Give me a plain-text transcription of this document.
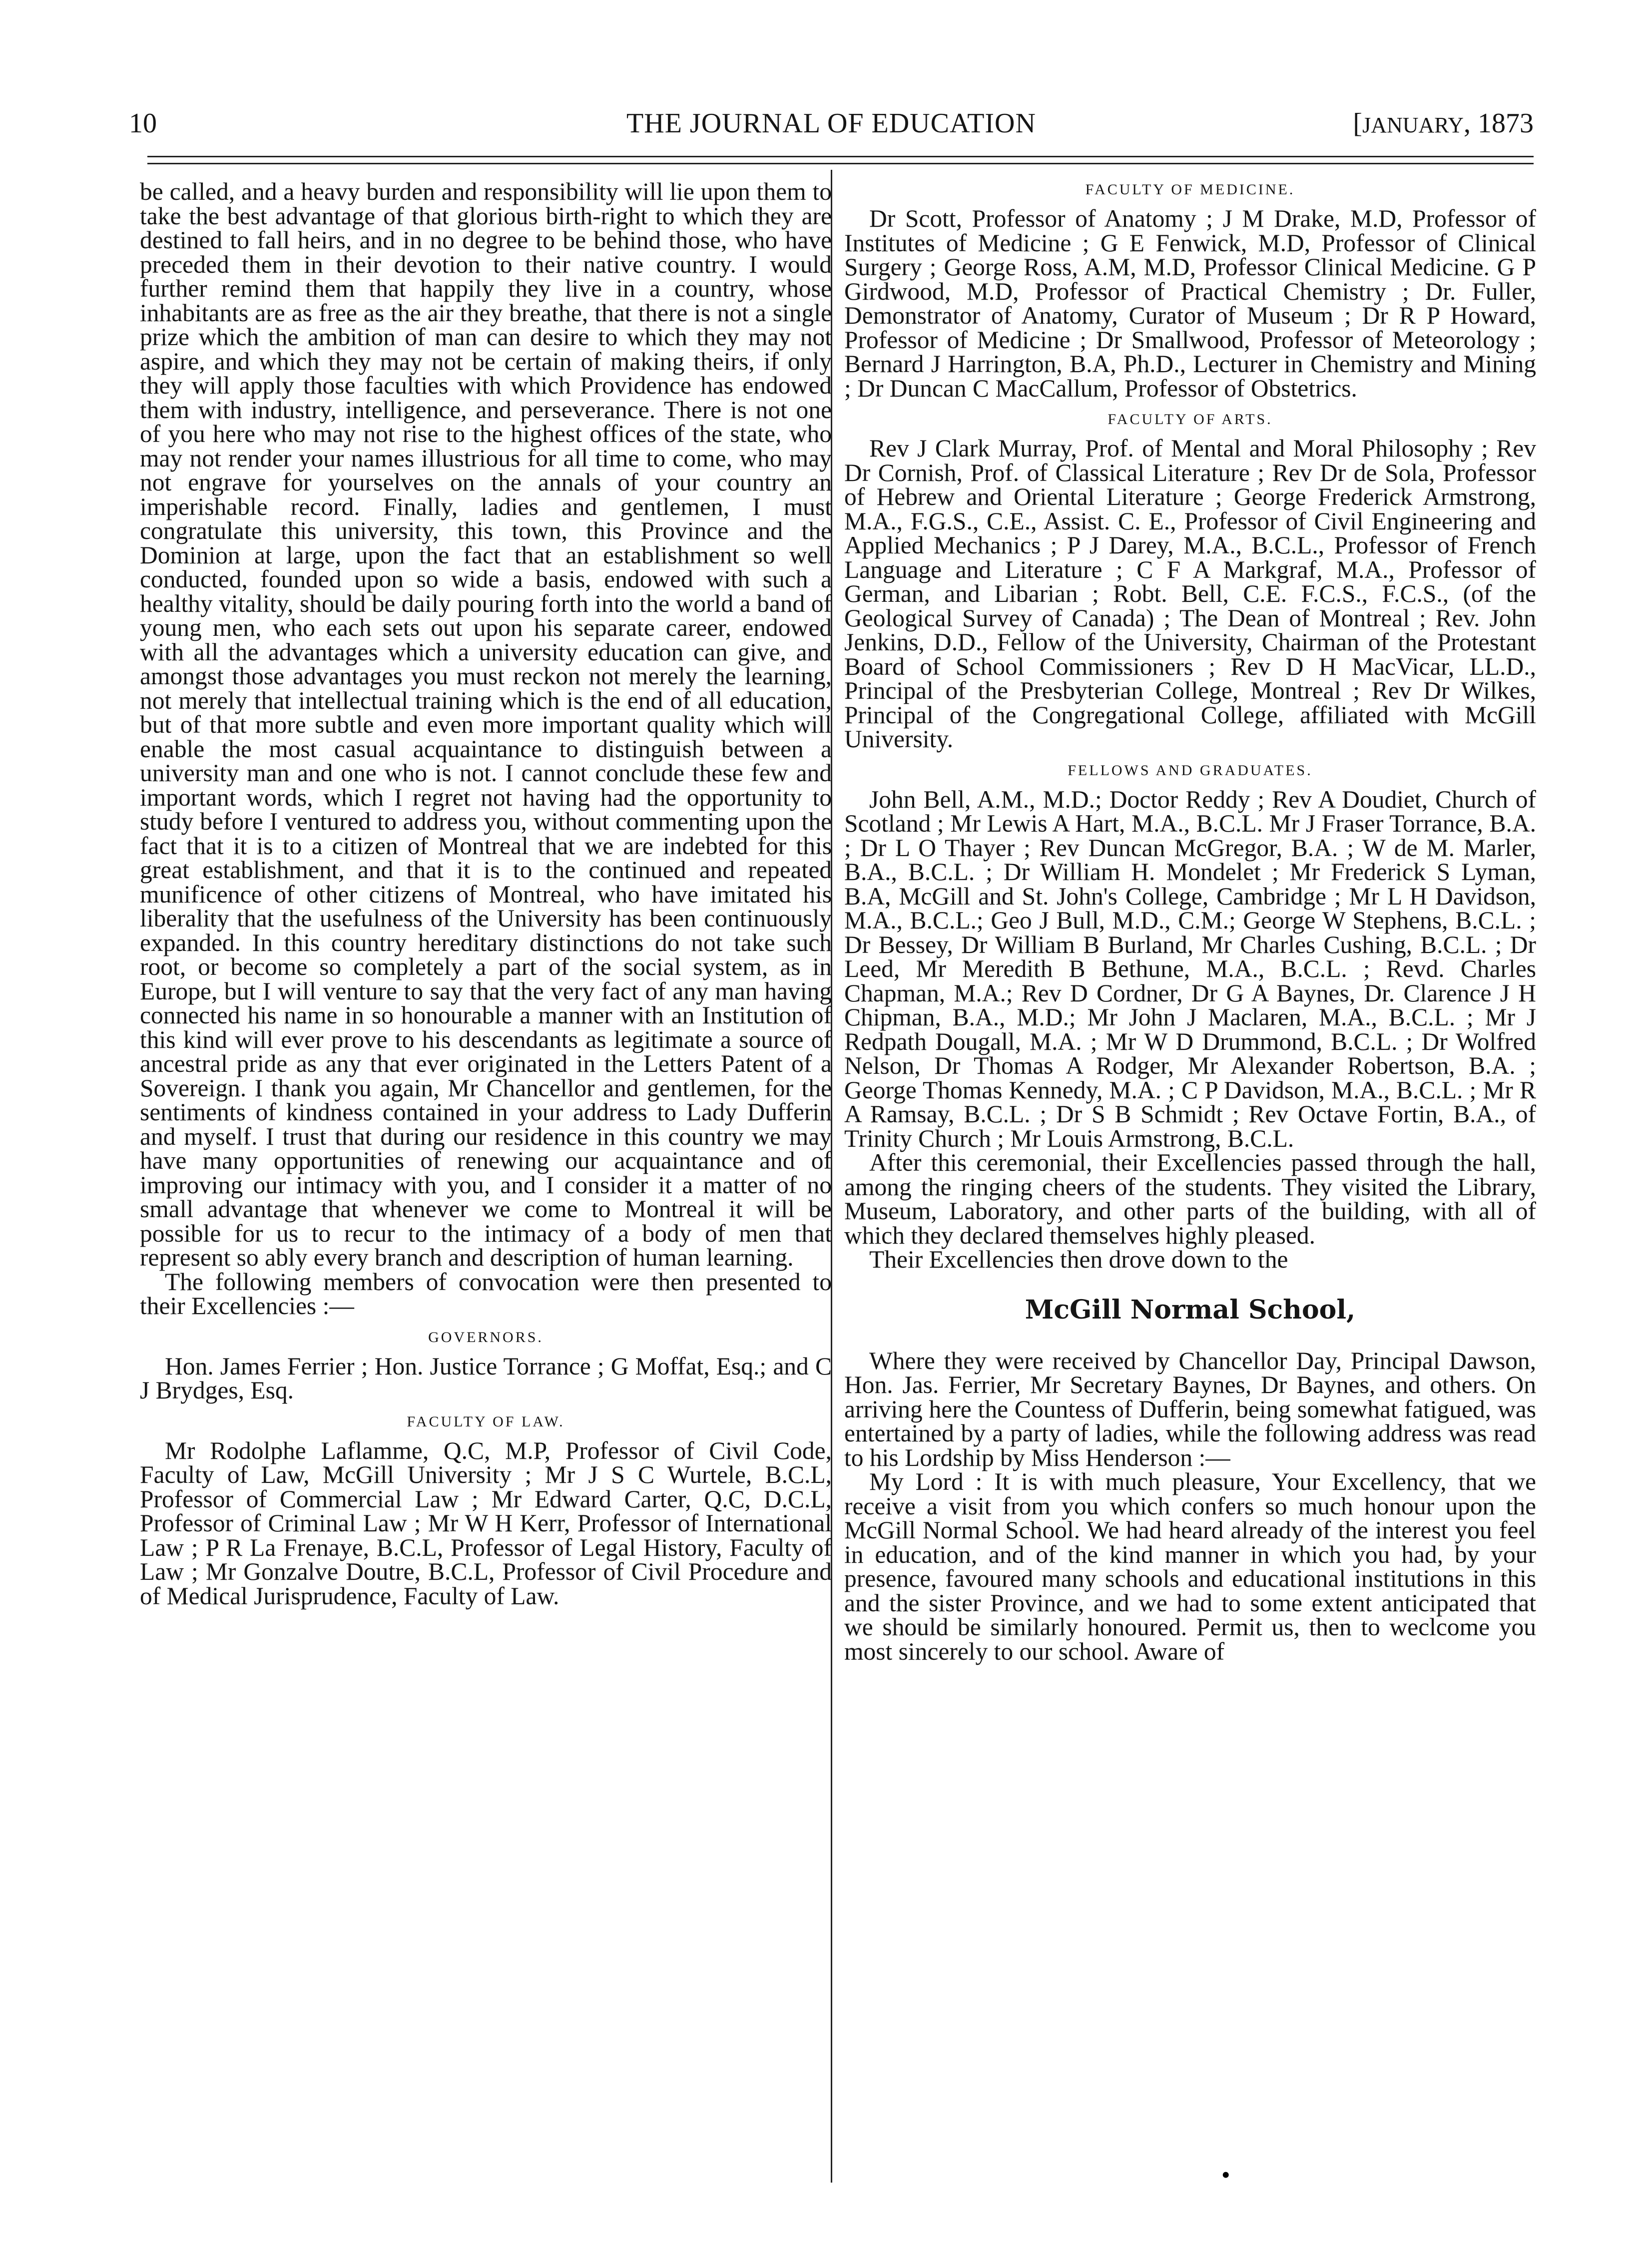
10	THE JOURNAL OF EDUCATION	[JANUARY, 1873

be called, and a heavy burden and responsibility will lie upon them to take the best advantage of that glorious birth-right to which they are destined to fall heirs, and in no degree to be behind those, who have preceded them in their devotion to their native country. I would further remind them that happily they live in a country, whose inhabitants are as free as the air they breathe, that there is not a single prize which the ambition of man can desire to which they may not aspire, and which they may not be certain of making theirs, if only they will apply those faculties with which Providence has endowed them with industry, intelligence, and perseverance. There is not one of you here who may not rise to the highest offices of the state, who may not render your names illustrious for all time to come, who may not engrave for yourselves on the annals of your country an imperishable record. Finally, ladies and gentlemen, I must congratulate this university, this town, this Province and the Dominion at large, upon the fact that an establishment so well conducted, founded upon so wide a basis, endowed with such a healthy vitality, should be daily pouring forth into the world a band of young men, who each sets out upon his separate career, endowed with all the advantages which a university education can give, and amongst those advantages you must reckon not merely the learning, not merely that intellectual training which is the end of all education, but of that more subtle and even more important quality which will enable the most casual acquaintance to distinguish between a university man and one who is not. I cannot conclude these few and important words, which I regret not having had the opportunity to study before I ventured to address you, without commenting upon the fact that it is to a citizen of Montreal that we are indebted for this great establishment, and that it is to the continued and repeated munificence of other citizens of Montreal, who have imitated his liberality that the usefulness of the University has been continuously expanded. In this country hereditary distinctions do not take such root, or become so completely a part of the social system, as in Europe, but I will venture to say that the very fact of any man having connected his name in so honourable a manner with an Institution of this kind will ever prove to his descendants as legitimate a source of ancestral pride as any that ever originated in the Letters Patent of a Sovereign. I thank you again, Mr Chancellor and gentlemen, for the sentiments of kindness contained in your address to Lady Dufferin and myself. I trust that during our residence in this country we may have many opportunities of renewing our acquaintance and of improving our intimacy with you, and I consider it a matter of no small advantage that whenever we come to Montreal it will be possible for us to recur to the intimacy of a body of men that represent so ably every branch and description of human learning.

The following members of convocation were then presented to their Excellencies :—

GOVERNORS.

Hon. James Ferrier ; Hon. Justice Torrance ; G Moffat, Esq.; and C J Brydges, Esq.

FACULTY OF LAW.

Mr Rodolphe Laflamme, Q.C, M.P, Professor of Civil Code, Faculty of Law, McGill University ; Mr J S C Wurtele, B.C.L, Professor of Commercial Law ; Mr Edward Carter, Q.C, D.C.L, Professor of Criminal Law ; Mr W H Kerr, Professor of International Law ; P R La Frenaye, B.C.L, Professor of Legal History, Faculty of Law ; Mr Gonzalve Doutre, B.C.L, Professor of Civil Procedure and of Medical Jurisprudence, Faculty of Law.

FACULTY OF MEDICINE.

Dr Scott, Professor of Anatomy ; J M Drake, M.D, Professor of Institutes of Medicine ; G E Fenwick, M.D, Professor of Clinical Surgery ; George Ross, A.M, M.D, Professor Clinical Medicine. G P Girdwood, M.D, Professor of Practical Chemistry ; Dr. Fuller, Demonstrator of Anatomy, Curator of Museum ; Dr R P Howard, Professor of Medicine ; Dr Smallwood, Professor of Meteorology ; Bernard J Harrington, B.A, Ph.D., Lecturer in Chemistry and Mining ; Dr Duncan C MacCallum, Professor of Obstetrics.

FACULTY OF ARTS.

Rev J Clark Murray, Prof. of Mental and Moral Philosophy ; Rev Dr Cornish, Prof. of Classical Literature ; Rev Dr de Sola, Professor of Hebrew and Oriental Literature ; George Frederick Armstrong, M.A., F.G.S., C.E., Assist. C. E., Professor of Civil Engineering and Applied Mechanics ; P J Darey, M.A., B.C.L., Professor of French Language and Literature ; C F A Markgraf, M.A., Professor of German, and Libarian ; Robt. Bell, C.E. F.C.S., F.C.S., (of the Geological Survey of Canada) ; The Dean of Montreal ; Rev. John Jenkins, D.D., Fellow of the University, Chairman of the Protestant Board of School Commissioners ; Rev D H MacVicar, LL.D., Principal of the Presbyterian College, Montreal ; Rev Dr Wilkes, Principal of the Congregational College, affiliated with McGill University.

FELLOWS AND GRADUATES.

John Bell, A.M., M.D.; Doctor Reddy ; Rev A Doudiet, Church of Scotland ; Mr Lewis A Hart, M.A., B.C.L. Mr J Fraser Torrance, B.A. ; Dr L O Thayer ; Rev Duncan McGregor, B.A. ; W de M. Marler, B.A., B.C.L. ; Dr William H. Mondelet ; Mr Frederick S Lyman, B.A, McGill and St. John's College, Cambridge ; Mr L H Davidson, M.A., B.C.L.; Geo J Bull, M.D., C.M.; George W Stephens, B.C.L. ; Dr Bessey, Dr William B Burland, Mr Charles Cushing, B.C.L. ; Dr Leed, Mr Meredith B Bethune, M.A., B.C.L. ; Revd. Charles Chapman, M.A.; Rev D Cordner, Dr G A Baynes, Dr. Clarence J H Chipman, B.A., M.D.; Mr John J Maclaren, M.A., B.C.L. ; Mr J Redpath Dougall, M.A. ; Mr W D Drummond, B.C.L. ; Dr Wolfred Nelson, Dr Thomas A Rodger, Mr Alexander Robertson, B.A. ; George Thomas Kennedy, M.A. ; C P Davidson, M.A., B.C.L. ; Mr R A Ramsay, B.C.L. ; Dr S B Schmidt ; Rev Octave Fortin, B.A., of Trinity Church ; Mr Louis Armstrong, B.C.L.

After this ceremonial, their Excellencies passed through the hall, among the ringing cheers of the students. They visited the Library, Museum, Laboratory, and other parts of the building, with all of which they declared themselves highly pleased.

Their Excellencies then drove down to the

McGill Normal School,

Where they were received by Chancellor Day, Principal Dawson, Hon. Jas. Ferrier, Mr Secretary Baynes, Dr Baynes, and others. On arriving here the Countess of Dufferin, being somewhat fatigued, was entertained by a party of ladies, while the following address was read to his Lordship by Miss Henderson :—

My Lord : It is with much pleasure, Your Excellency, that we receive a visit from you which confers so much honour upon the McGill Normal School. We had heard already of the interest you feel in education, and of the kind manner in which you had, by your presence, favoured many schools and educational institutions in this and the sister Province, and we had to some extent anticipated that we should be similarly honoured. Permit us, then to weclcome you most sincerely to our school. Aware of

•
